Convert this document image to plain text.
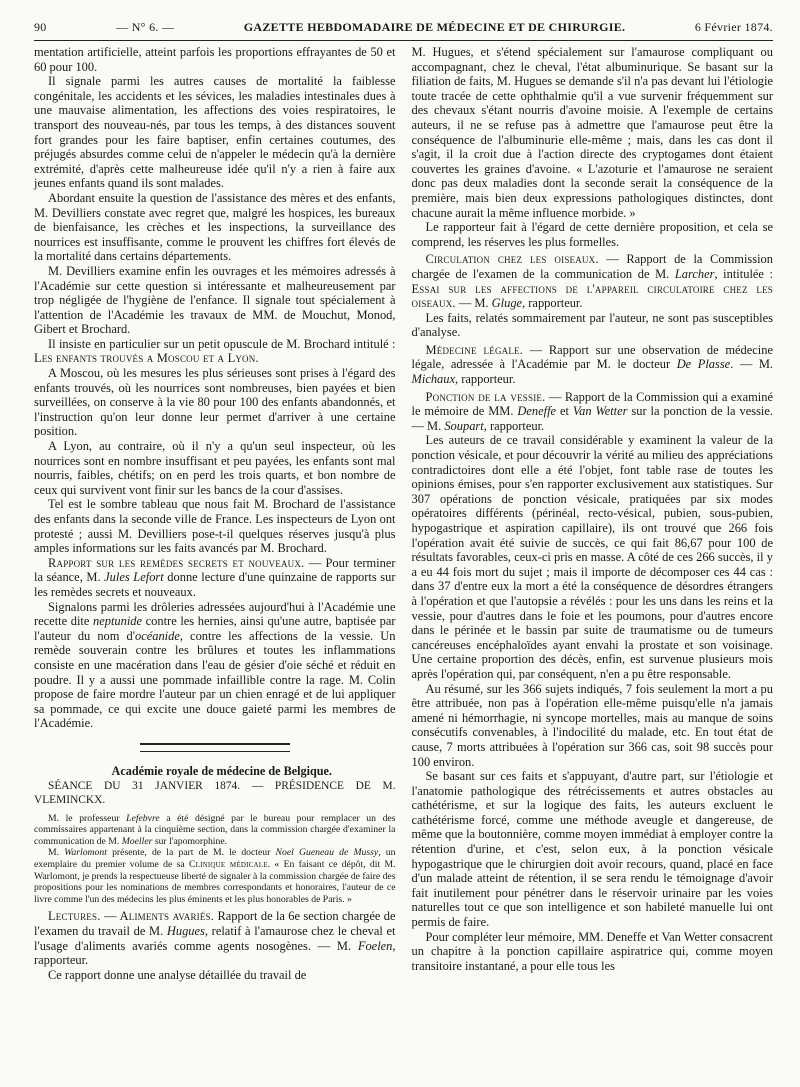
90	— N° 6. —	GAZETTE HEBDOMADAIRE DE MÉDECINE ET DE CHIRURGIE.	6 Février 1874.

mentation artificielle, atteint parfois les proportions effrayantes de 50 et 60 pour 100.

Il signale parmi les autres causes de mortalité la faiblesse congénitale, les accidents et les sévices, les maladies intestinales dues à une mauvaise alimentation, les affections des voies respiratoires, le transport des nouveau-nés, par tous les temps, à des distances souvent fort grandes pour les faire baptiser, enfin certaines coutumes, des préjugés absurdes comme celui de n'appeler le médecin qu'à la dernière extrémité, d'après cette malheureuse idée qu'il n'y a rien à faire aux jeunes enfants quand ils sont malades.

Abordant ensuite la question de l'assistance des mères et des enfants, M. Devilliers constate avec regret que, malgré les hospices, les bureaux de bienfaisance, les crèches et les inspections, la surveillance des nourrices est insuffisante, comme le prouvent les chiffres fort élevés de la mortalité dans certains départements.

M. Devilliers examine enfin les ouvrages et les mémoires adressés à l'Académie sur cette question si intéressante et malheureusement par trop négligée de l'hygiène de l'enfance. Il signale tout spécialement à l'attention de l'Académie les travaux de MM. de Mouchut, Monod, Gibert et Brochard.

Il insiste en particulier sur un petit opuscule de M. Brochard intitulé : Les enfants trouvés a Moscou et a Lyon.

A Moscou, où les mesures les plus sérieuses sont prises à l'égard des enfants trouvés, où les nourrices sont nombreuses, bien payées et bien surveillées, on conserve à la vie 80 pour 100 des enfants abandonnés, et l'instruction qu'on leur donne leur permet d'arriver à une certaine position.

A Lyon, au contraire, où il n'y a qu'un seul inspecteur, où les nourrices sont en nombre insuffisant et peu payées, les enfants sont mal nourris, faibles, chétifs; on en perd les trois quarts, et bon nombre de ceux qui survivent vont finir sur les bancs de la cour d'assises.

Tel est le sombre tableau que nous fait M. Brochard de l'assistance des enfants dans la seconde ville de France. Les inspecteurs de Lyon ont protesté ; aussi M. Devilliers pose-t-il quelques réserves jusqu'à plus amples informations sur les faits avancés par M. Brochard.

Rapport sur les remèdes secrets et nouveaux. — Pour terminer la séance, M. Jules Lefort donne lecture d'une quinzaine de rapports sur les remèdes secrets et nouveaux.

Signalons parmi les drôleries adressées aujourd'hui à l'Académie une recette dite neptunide contre les hernies, ainsi qu'une autre, baptisée par l'auteur du nom d'océanide, contre les affections de la vessie. Un remède souverain contre les brûlures et toutes les inflammations consiste en une macération dans l'eau de gésier d'oie séché et réduit en poudre. Il y a aussi une pommade infaillible contre la rage. M. Colin propose de faire mordre l'auteur par un chien enragé et de lui appliquer sa pommade, ce qui excite une douce gaieté parmi les membres de l'Académie.

Académie royale de médecine de Belgique.

SÉANCE DU 31 JANVIER 1874. — PRÉSIDENCE DE M. VLEMINCKX.

M. le professeur Lefebvre a été désigné par le bureau pour remplacer un des commissaires appartenant à la cinquième section, dans la commission chargée d'examiner la communication de M. Moeller sur l'apomorphine.

M. Warlomont présente, de la part de M. le docteur Noel Gueneau de Mussy, un exemplaire du premier volume de sa Clinique médicale. « En faisant ce dépôt, dit M. Warlomont, je prends la respectueuse liberté de signaler à la commission chargée de faire des propositions pour les nominations de membres correspondants et honoraires, l'auteur de ce livre comme l'un des médecins les plus éminents et les plus honorables de Paris. »

Lectures. — Aliments avariés. Rapport de la 6e section chargée de l'examen du travail de M. Hugues, relatif à l'amaurose chez le cheval et l'usage d'aliments avariés comme agents nosogènes. — M. Foelen, rapporteur.

Ce rapport donne une analyse détaillée du travail de

M. Hugues, et s'étend spécialement sur l'amaurose compliquant ou accompagnant, chez le cheval, l'état albuminurique. Se basant sur la filiation de faits, M. Hugues se demande s'il n'a pas devant lui l'étiologie toute tracée de cette ophthalmie qu'il a vue survenir fréquemment sur des chevaux s'étant nourris d'avoine moisie. A l'exemple de certains auteurs, il ne se refuse pas à admettre que l'amaurose peut être la conséquence de l'albuminurie elle-même ; mais, dans les cas dont il s'agit, il la croit due à l'action directe des cryptogames dont étaient couvertes les graines d'avoine. « L'azoturie et l'amaurose ne seraient donc pas deux maladies dont la seconde serait la conséquence de la première, mais bien deux expressions pathologiques distinctes, dont chacune aurait la même influence morbide. »

Le rapporteur fait à l'égard de cette dernière proposition, et cela se comprend, les réserves les plus formelles.

Circulation chez les oiseaux. — Rapport de la Commission chargée de l'examen de la communication de M. Larcher, intitulée : Essai sur les affections de l'appareil circulatoire chez les oiseaux. — M. Gluge, rapporteur.

Les faits, relatés sommairement par l'auteur, ne sont pas susceptibles d'analyse.

Médecine légale. — Rapport sur une observation de médecine légale, adressée à l'Académie par M. le docteur De Plasse. — M. Michaux, rapporteur.

Ponction de la vessie. — Rapport de la Commission qui a examiné le mémoire de MM. Deneffe et Van Wetter sur la ponction de la vessie. — M. Soupart, rapporteur.

Les auteurs de ce travail considérable y examinent la valeur de la ponction vésicale, et pour découvrir la vérité au milieu des appréciations contradictoires dont elle a été l'objet, font table rase de toutes les opinions émises, pour s'en rapporter exclusivement aux statistiques. Sur 307 opérations de ponction vésicale, pratiquées par six modes opératoires différents (périnéal, recto-vésical, pubien, sous-pubien, hypogastrique et aspiration capillaire), ils ont trouvé que 266 fois l'opération avait été suivie de succès, ce qui fait 86,67 pour 100 de résultats favorables, ceux-ci pris en masse. A côté de ces 266 succès, il y a eu 44 fois mort du sujet ; mais il importe de décomposer ces 44 cas : dans 37 d'entre eux la mort a été la conséquence de désordres étrangers à l'opération et que l'autopsie a révélés : pour les uns dans les reins et la vessie, pour d'autres dans le foie et les poumons, pour d'autres encore dans le périnée et le bassin par suite de traumatisme ou de tumeurs cancéreuses encéphaloïdes ayant envahi la prostate et son voisinage. Une certaine proportion des décès, enfin, est survenue plusieurs mois après l'opération qui, par conséquent, n'en a pu être responsable.

Au résumé, sur les 366 sujets indiqués, 7 fois seulement la mort a pu être attribuée, non pas à l'opération elle-même puisqu'elle n'a jamais amené ni hémorrhagie, ni syncope mortelles, mais au manque de soins consécutifs convenables, à l'indocilité du malade, etc. En tout état de cause, 7 morts attribuées à l'opération sur 366 cas, soit 98 succès pour 100 environ.

Se basant sur ces faits et s'appuyant, d'autre part, sur l'étiologie et l'anatomie pathologique des rétrécissements et autres obstacles au cathétérisme, et sur la logique des faits, les auteurs excluent le cathétérisme forcé, comme une méthode aveugle et dangereuse, de même que la boutonnière, comme moyen immédiat à employer contre la rétention d'urine, et c'est, selon eux, à la ponction vésicale hypogastrique que le chirurgien doit avoir recours, quand, placé en face d'un malade atteint de rétention, il se sera rendu le témoignage d'avoir fait inutilement pour pénétrer dans le réservoir urinaire par les voies naturelles tout ce que son intelligence et son habileté manuelle lui ont permis de faire.

Pour compléter leur mémoire, MM. Deneffe et Van Wetter consacrent un chapitre à la ponction capillaire aspiratrice qui, comme moyen transitoire instantané, a pour elle tous les
